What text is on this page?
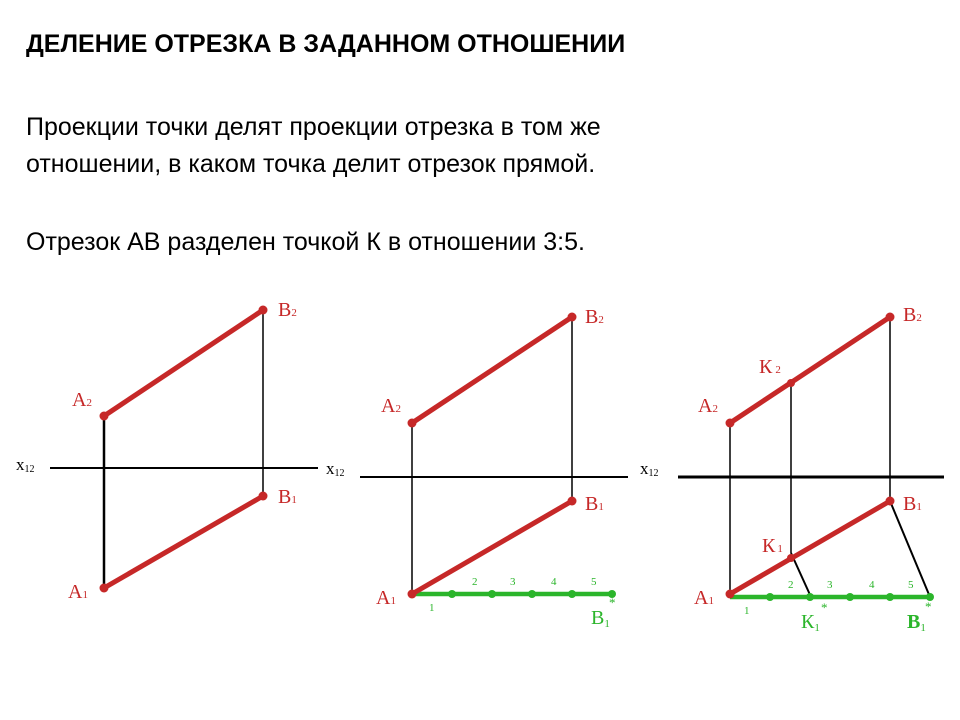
ДЕЛЕНИЕ ОТРЕЗКА В ЗАДАННОМ ОТНОШЕНИИ

Проекции точки делят проекции отрезка в том же
отношении, в каком точка делит отрезок прямой.

Отрезок АВ разделен точкой К в отношении 3:5.

x12
A2
B2
B1
A1
x12
A2
B2
B1
A1
1
2	3	4	5
B1
*
x12
A2
К 2
B2
B1
К 1
A1
1
2	3	4	5
К1
*
B1
*
